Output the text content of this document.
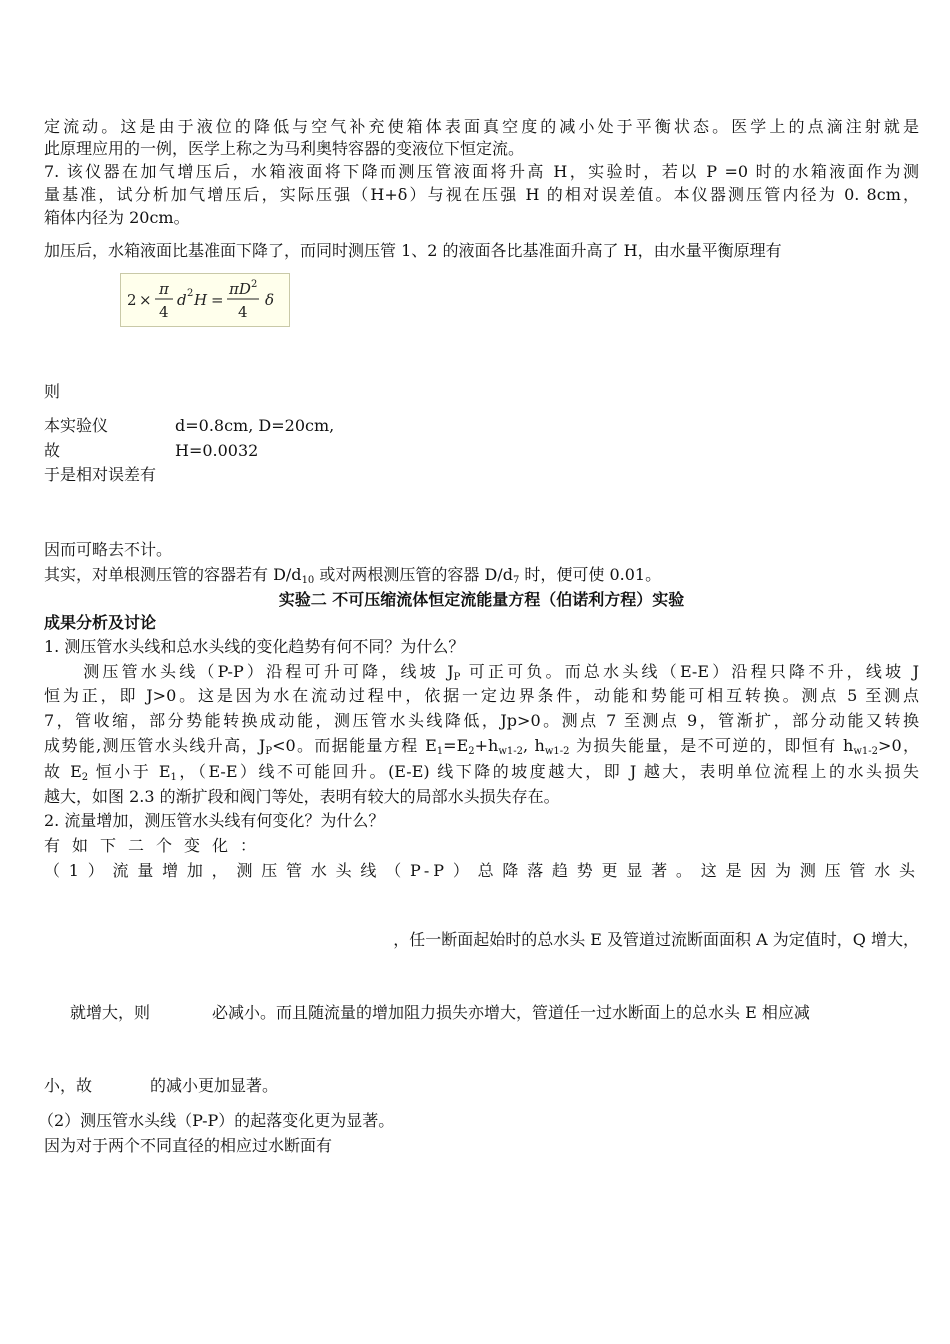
定流动。这是由于液位的降低与空气补充使箱体表面真空度的减小处于平衡状态。医学上的点滴注射就是
此原理应用的一例，医学上称之为马利奥特容器的变液位下恒定流。
7. 该仪器在加气增压后，水箱液面将下降而测压管液面将升高 H，实验时，若以 P =0 时的水箱液面作为测
量基准，试分析加气增压后，实际压强（H+δ）与视在压强 H 的相对误差值。本仪器测压管内径为 0. 8cm，
箱体内径为 20cm。
加压后，水箱液面比基准面下降了，而同时测压管 1、2 的液面各比基准面升高了 H，由水量平衡原理有
2 ×
π
4
d 2 H =
πD 2
4
δ
则
本实验仪	d=0.8cm, D=20cm,
故	H=0.0032
于是相对误差有
因而可略去不计。
其实，对单根测压管的容器若有 $D/d_{10}$ 或对两根测压管的容器 $D/d_7$ 时，便可使 0.01。
实验二 不可压缩流体恒定流能量方程（伯诺利方程）实验
成果分析及讨论
1. 测压管水头线和总水头线的变化趋势有何不同？为什么？
测压管水头线（P-P）沿程可升可降，线坡 $J_P$ 可正可负。而总水头线（E-E）沿程只降不升，线坡 J
恒为正，即 J>0。这是因为水在流动过程中，依据一定边界条件，动能和势能可相互转换。测点 5 至测点
7，管收缩，部分势能转换成动能，测压管水头线降低，Jp>0。测点 7 至测点 9，管渐扩，部分动能又转换
成势能,测压管水头线升高，$J_P<0$。而据能量方程 $E_1=E_2+h_{w1-2}$, $h_{w1-2}$ 为损失能量，是不可逆的，即恒有 $h_{w1-2}>0$，
故 $E_2$ 恒小于 $E_1$，（E-E）线不可能回升。(E-E) 线下降的坡度越大，即 J 越大，表明单位流程上的水头损失
越大，如图 2.3 的渐扩段和阀门等处，表明有较大的局部水头损失存在。
2. 流量增加，测压管水头线有何变化？为什么？
有如下二个变化：
（1）流量增加，测压管水头线（P-P）总降落趋势更显著。这是因为测压管水头
，任一断面起始时的总水头 E 及管道过流断面面积 A 为定值时，Q 增大，
就增大，则	必减小。而且随流量的增加阻力损失亦增大，管道任一过水断面上的总水头 E 相应减
小，故	的减小更加显著。
（2）测压管水头线（P-P）的起落变化更为显著。
因为对于两个不同直径的相应过水断面有
